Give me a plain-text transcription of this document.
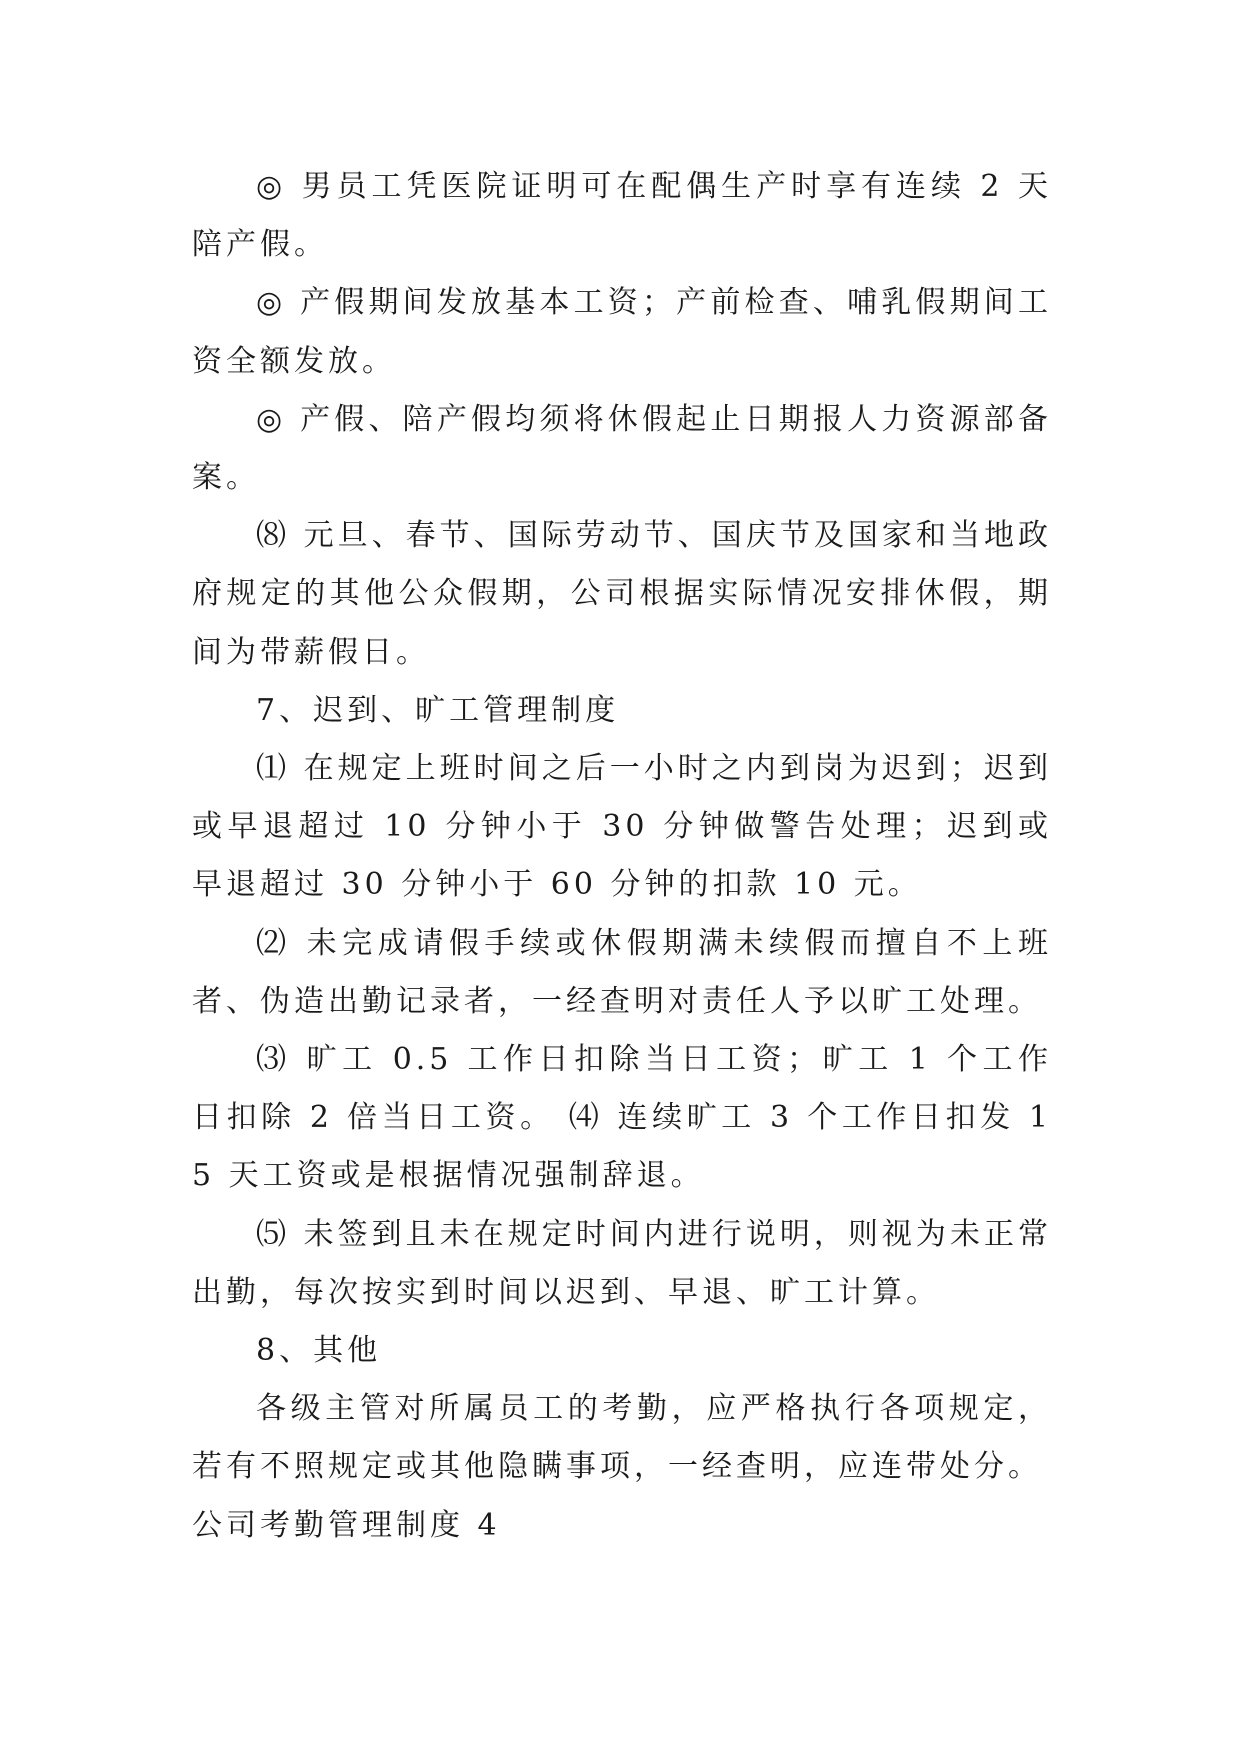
◎ 男员工凭医院证明可在配偶生产时享有连续 2 天陪产假。

◎ 产假期间发放基本工资；产前检查、哺乳假期间工资全额发放。

◎ 产假、陪产假均须将休假起止日期报人力资源部备案。

⑻ 元旦、春节、国际劳动节、国庆节及国家和当地政府规定的其他公众假期，公司根据实际情况安排休假，期间为带薪假日。

7、迟到、旷工管理制度

⑴ 在规定上班时间之后一小时之内到岗为迟到；迟到或早退超过 10 分钟小于 30 分钟做警告处理；迟到或早退超过 30 分钟小于 60 分钟的扣款 10 元。

⑵ 未完成请假手续或休假期满未续假而擅自不上班者、伪造出勤记录者，一经查明对责任人予以旷工处理。

⑶ 旷工 0.5 工作日扣除当日工资；旷工 1 个工作日扣除 2 倍当日工资。 ⑷ 连续旷工 3 个工作日扣发 15 天工资或是根据情况强制辞退。

⑸ 未签到且未在规定时间内进行说明，则视为未正常出勤，每次按实到时间以迟到、早退、旷工计算。

8、其他

各级主管对所属员工的考勤，应严格执行各项规定，若有不照规定或其他隐瞒事项，一经查明，应连带处分。

公司考勤管理制度 4
